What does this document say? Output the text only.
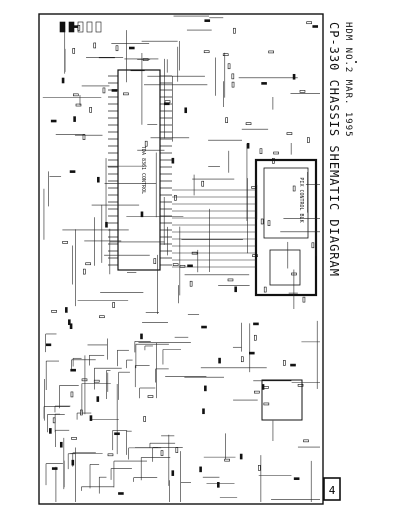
TDA 8361 CONTROL
PIX CONTROL BLK CP-330 CHASSIS SHEMATIC DIAGRAM HDM NO.2 MAR. 1995
4
